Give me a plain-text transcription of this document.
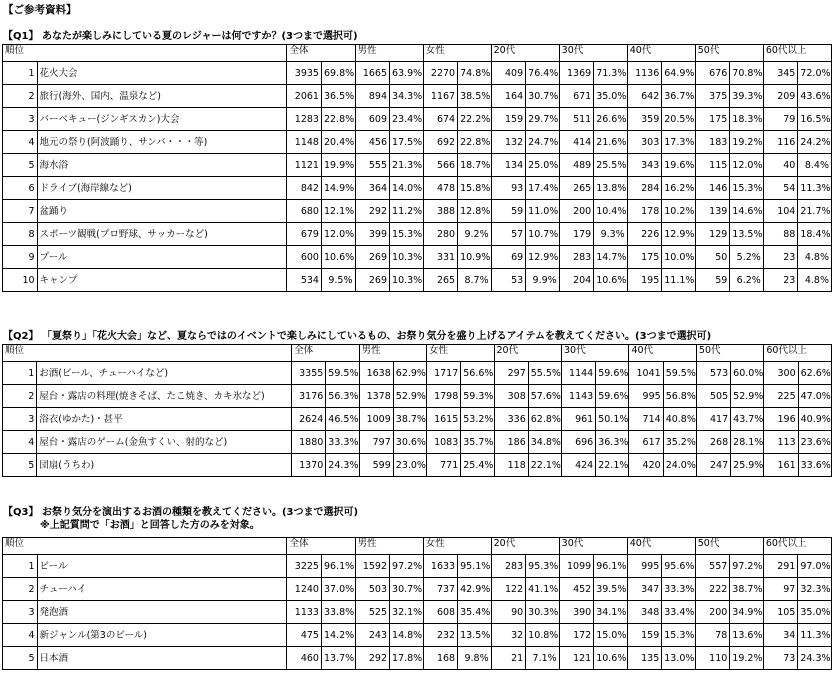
【ご参考資料】
【Q1】 あなたが楽しみにしている夏のレジャーは何ですか？(3つまで選択可)
順位		全体		男性		女性		20代		30代		40代		50代		60代以上	
1	花火大会	3935	69.8%	1665	63.9%	2270	74.8%	409	76.4%	1369	71.3%	1136	64.9%	676	70.8%	345	72.0%
2	旅行(海外、国内、温泉など)	2061	36.5%	894	34.3%	1167	38.5%	164	30.7%	671	35.0%	642	36.7%	375	39.3%	209	43.6%
3	バーベキュー(ジンギスカン)大会	1283	22.8%	609	23.4%	674	22.2%	159	29.7%	511	26.6%	359	20.5%	175	18.3%	79	16.5%
4	地元の祭り(阿波踊り、サンバ・・・等)	1148	20.4%	456	17.5%	692	22.8%	132	24.7%	414	21.6%	303	17.3%	183	19.2%	116	24.2%
5	海水浴	1121	19.9%	555	21.3%	566	18.7%	134	25.0%	489	25.5%	343	19.6%	115	12.0%	40	8.4%
6	ドライブ(海岸線など)	842	14.9%	364	14.0%	478	15.8%	93	17.4%	265	13.8%	284	16.2%	146	15.3%	54	11.3%
7	盆踊り	680	12.1%	292	11.2%	388	12.8%	59	11.0%	200	10.4%	178	10.2%	139	14.6%	104	21.7%
8	スポーツ観戦(プロ野球、サッカーなど)	679	12.0%	399	15.3%	280	9.2%	57	10.7%	179	9.3%	226	12.9%	129	13.5%	88	18.4%
9	プール	600	10.6%	269	10.3%	331	10.9%	69	12.9%	283	14.7%	175	10.0%	50	5.2%	23	4.8%
10	キャンプ	534	9.5%	269	10.3%	265	8.7%	53	9.9%	204	10.6%	195	11.1%	59	6.2%	23	4.8%
【Q2】 「夏祭り」「花火大会」など、夏ならではのイベントで楽しみにしているもの、お祭り気分を盛り上げるアイテムを教えてください。(3つまで選択可)
順位		全体		男性		女性		20代		30代		40代		50代		60代以上	
1	お酒(ビール、チューハイなど)	3355	59.5%	1638	62.9%	1717	56.6%	297	55.5%	1144	59.6%	1041	59.5%	573	60.0%	300	62.6%
2	屋台・露店の料理(焼きそば、たこ焼き、カキ氷など)	3176	56.3%	1378	52.9%	1798	59.3%	308	57.6%	1143	59.6%	995	56.8%	505	52.9%	225	47.0%
3	浴衣(ゆかた)・甚平	2624	46.5%	1009	38.7%	1615	53.2%	336	62.8%	961	50.1%	714	40.8%	417	43.7%	196	40.9%
4	屋台・露店のゲーム(金魚すくい、射的など)	1880	33.3%	797	30.6%	1083	35.7%	186	34.8%	696	36.3%	617	35.2%	268	28.1%	113	23.6%
5	団扇(うちわ)	1370	24.3%	599	23.0%	771	25.4%	118	22.1%	424	22.1%	420	24.0%	247	25.9%	161	33.6%
【Q3】 お祭り気分を演出するお酒の種類を教えてください。(3つまで選択可)
※上記質問で「お酒」と回答した方のみを対象。
順位		全体		男性		女性		20代		30代		40代		50代		60代以上	
1	ビール	3225	96.1%	1592	97.2%	1633	95.1%	283	95.3%	1099	96.1%	995	95.6%	557	97.2%	291	97.0%
2	チューハイ	1240	37.0%	503	30.7%	737	42.9%	122	41.1%	452	39.5%	347	33.3%	222	38.7%	97	32.3%
3	発泡酒	1133	33.8%	525	32.1%	608	35.4%	90	30.3%	390	34.1%	348	33.4%	200	34.9%	105	35.0%
4	新ジャンル(第3のビール)	475	14.2%	243	14.8%	232	13.5%	32	10.8%	172	15.0%	159	15.3%	78	13.6%	34	11.3%
5	日本酒	460	13.7%	292	17.8%	168	9.8%	21	7.1%	121	10.6%	135	13.0%	110	19.2%	73	24.3%
